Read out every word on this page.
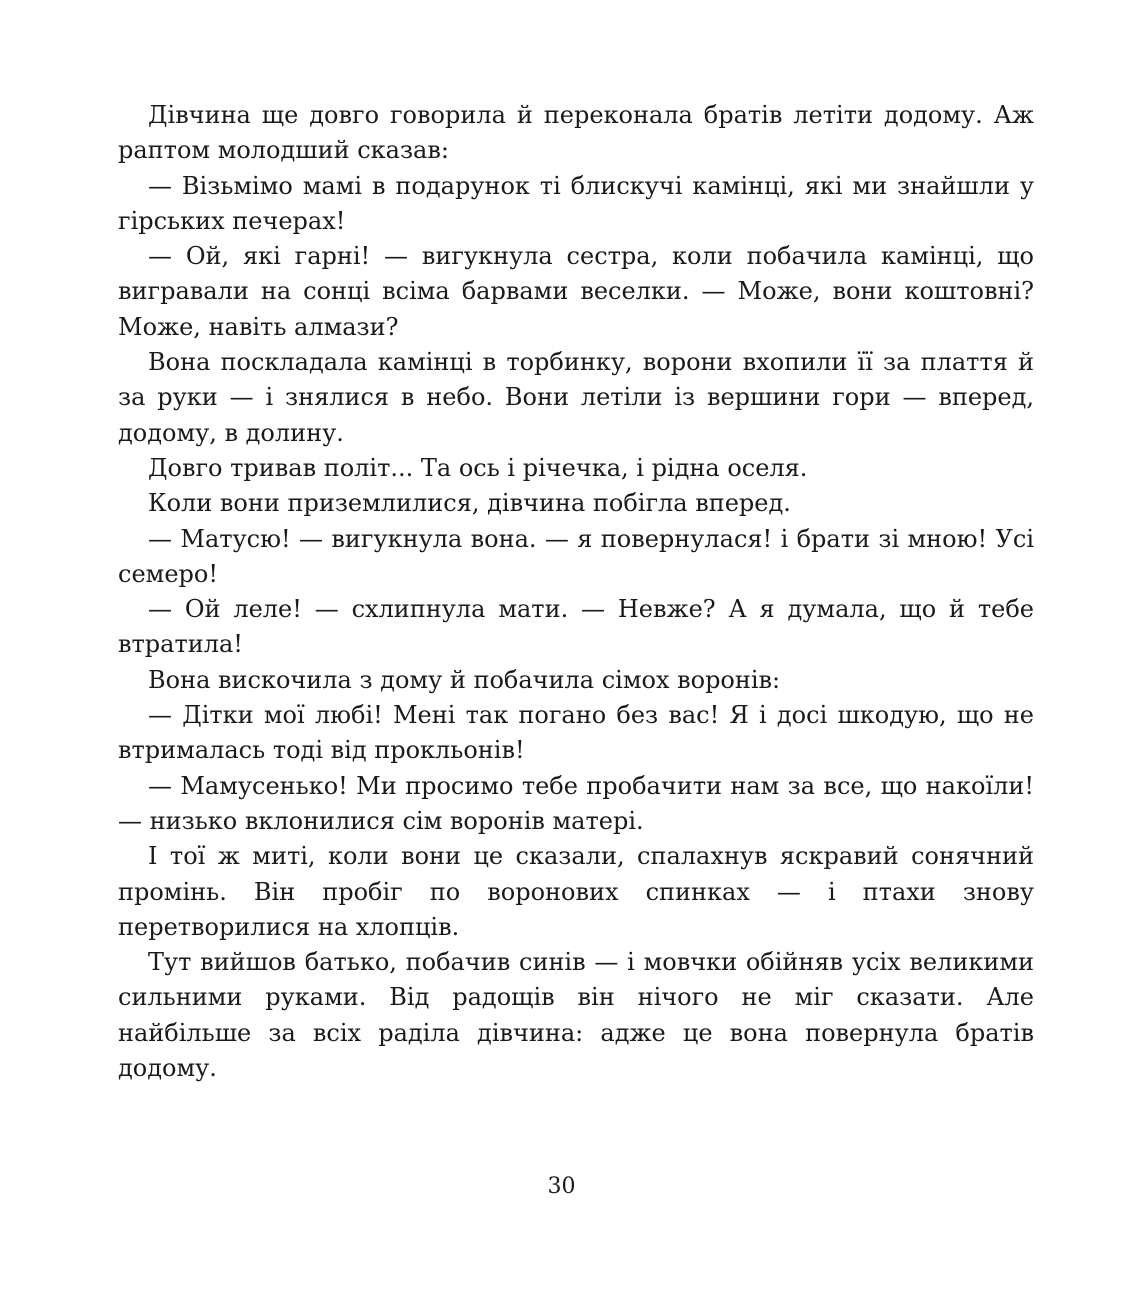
Дівчина ще довго говорила й переконала братів летіти додому. Аж раптом молодший сказав:

— Візьмімо мамі в подарунок ті блискучі камінці, які ми знайшли у гірських печерах!

— Ой, які гарні! — вигукнула сестра, коли побачила камінці, що вигравали на сонці всіма барвами веселки. — Може, вони коштовні? Може, навіть алмази?

Вона поскладала камінці в торбинку, ворони вхопили її за плаття й за руки — і знялися в небо. Вони летіли із вершини гори — вперед, додому, в долину.

Довго тривав політ... Та ось і річечка, і рідна оселя.

Коли вони приземлилися, дівчина побігла вперед.

— Матусю! — вигукнула вона. — я повернулася! і брати зі мною! Усі семеро!

— Ой леле! — схлипнула мати. — Невже? А я думала, що й тебе втратила!

Вона вискочила з дому й побачила сімох воронів:

— Дітки мої любі! Мені так погано без вас! Я і досі шкодую, що не втрималась тоді від прокльонів!

— Мамусенько! Ми просимо тебе пробачити нам за все, що накоїли! — низько вклонилися сім воронів матері.

І тої ж миті, коли вони це сказали, спалахнув яскравий сонячний промінь. Він пробіг по воронових спинках — і птахи знову перетворилися на хлопців.

Тут вийшов батько, побачив синів — і мовчки обійняв усіх великими сильними руками. Від радощів він нічого не міг сказати. Але найбільше за всіх раділа дівчина: адже це вона повернула братів додому.

30
